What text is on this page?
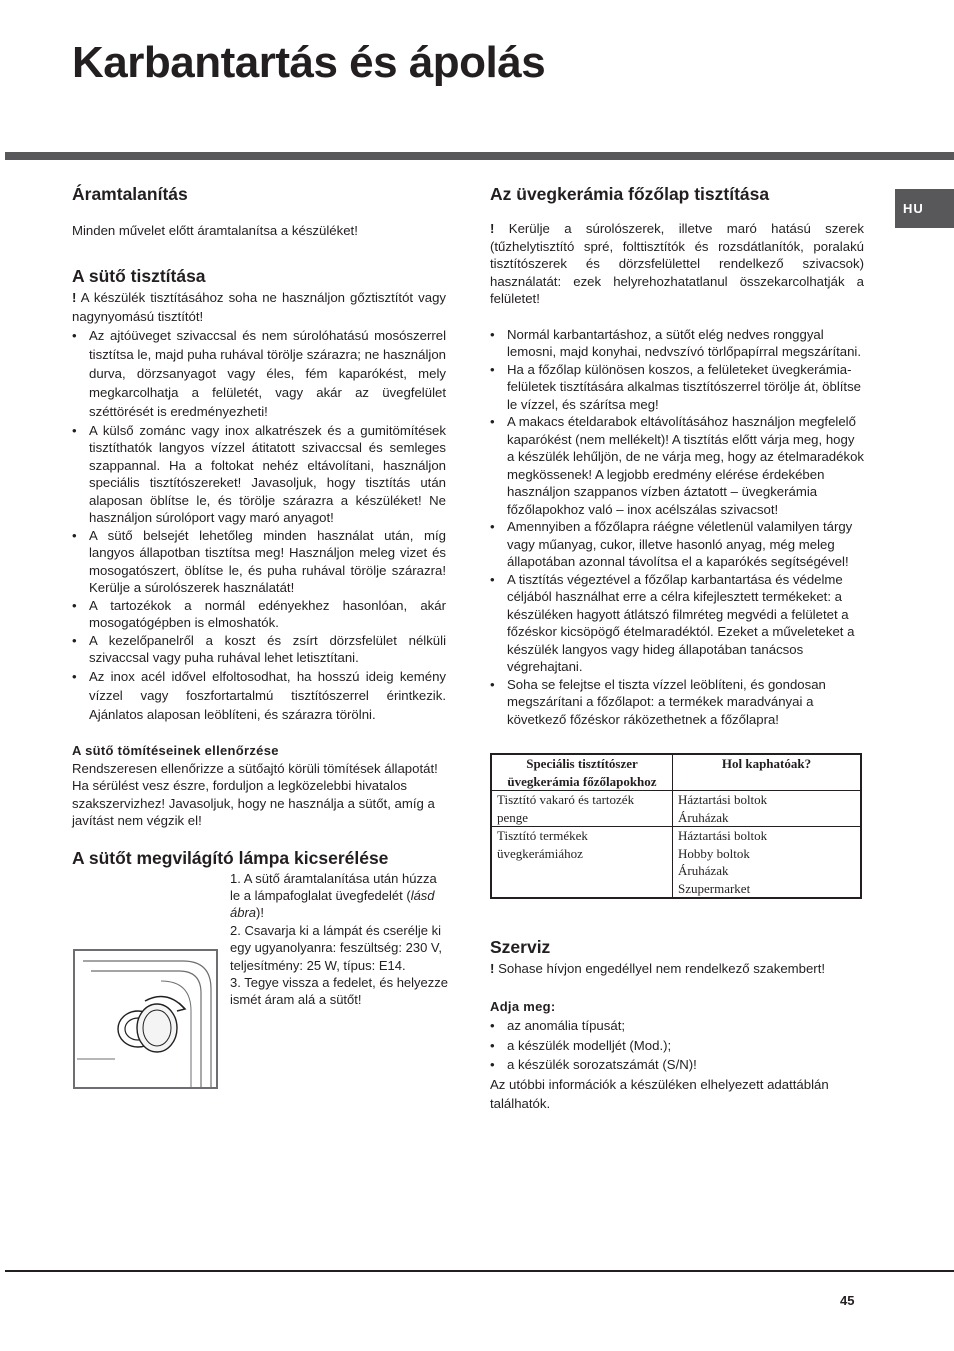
Karbantartás és ápolás
HU
Áramtalanítás

Minden művelet előtt áramtalanítsa a készüléket!

A sütő tisztítása

! A készülék tisztításához soha ne használjon gőztisztítót vagy nagynyomású tisztítót!

• Az ajtóüveget szivaccsal és nem súrolóhatású mosószerrel tisztítsa le, majd puha ruhával törölje szárazra; ne használjon durva, dörzsanyagot vagy éles, fém kaparókést, mely megkarcolhatja a felületét, vagy akár az üvegfelület széttörését is eredményezheti!
• A külső zománc vagy inox alkatrészek és a gumitömítések tisztíthatók langyos vízzel átitatott szivaccsal és semleges szappannal. Ha a foltokat nehéz eltávolítani, használjon speciális tisztítószereket! Javasoljuk, hogy tisztítás után alaposan öblítse le, és törölje szárazra a készüléket! Ne használjon súrolóport vagy maró anyagot!
• A sütő belsejét lehetőleg minden használat után, míg langyos állapotban tisztítsa meg! Használjon meleg vizet és mosogatószert, öblítse le, és puha ruhával törölje szárazra! Kerülje a súrolószerek használatát!
• A tartozékok a normál edényekhez hasonlóan, akár mosogatógépben is elmoshatók.
• A kezelőpanelről a koszt és zsírt dörzsfelület nélküli szivaccsal vagy puha ruhával lehet letisztítani.
• Az inox acél idővel elfoltosodhat, ha hosszú ideig kemény vízzel vagy foszfortartalmú tisztítószerrel érintkezik. Ajánlatos alaposan leöblíteni, és szárazra törölni.
A sütő tömítéseinek ellenőrzése

Rendszeresen ellenőrizze a sütőajtó körüli tömítések állapotát! Ha sérülést vesz észre, forduljon a legközelebbi hivatalos szakszervizhez! Javasoljuk, hogy ne használja a sütőt, amíg a javítást nem végzik el!

A sütőt megvilágító lámpa kicserélése

1. A sütő áramtalanítása után húzza le a lámpafoglalat üvegfedelét (lásd ábra)!

2. Csavarja ki a lámpát és cserélje ki egy ugyanolyanra: feszültség: 230 V, teljesítmény: 25 W, típus: E14.

3. Tegye vissza a fedelet, és helyezze ismét áram alá a sütőt!

Az üvegkerámia főzőlap tisztítása

! Kerülje a súrolószerek, illetve maró hatású szerek (tűzhelytisztító spré, folttisztítók és rozsdátlanítók, poralakú tisztítószerek és dörzsfelülettel rendelkező szivacsok) használatát: ezek helyrehozhatatlanul összekarcolhatják a felületet!

• Normál karbantartáshoz, a sütőt elég nedves ronggyal lemosni, majd konyhai, nedvszívó törlőpapírral megszárítani.
• Ha a főzőlap különösen koszos, a felületeket üvegkerámia-felületek tisztítására alkalmas tisztítószerrel törölje át, öblítse le vízzel, és szárítsa meg!
• A makacs ételdarabok eltávolításához használjon megfelelő kaparókést (nem mellékelt)! A tisztítás előtt várja meg, hogy a készülék lehűljön, de ne várja meg, hogy az ételmaradékok megkössenek! A legjobb eredmény elérése érdekében használjon szappanos vízben áztatott – üvegkerámia főzőlapokhoz való – inox acélszálas szivacsot!
• Amennyiben a főzőlapra ráégne véletlenül valamilyen tárgy vagy műanyag, cukor, illetve hasonló anyag, még meleg állapotában azonnal távolítsa el a kaparókés segítségével!
• A tisztítás végeztével a főzőlap karbantartása és védelme céljából használhat erre a célra kifejlesztett termékeket: a készüléken hagyott átlátszó filmréteg megvédi a felületet a főzéskor kicsöpögő ételmaradéktól. Ezeket a műveleteket a készülék langyos vagy hideg állapotában tanácsos végrehajtani.
• Soha se felejtse el tiszta vízzel leöblíteni, és gondosan megszárítani a főzőlapot: a termékek maradványai a következő főzéskor ráközethetnek a főzőlapra!
Speciális tisztítószer üvegkerámia főzőlapokhoz	Hol kaphatóak?
Tisztító vakaró és tartozék penge	Háztartási boltok
Áruházak

Tisztító termékek üvegkerámiához	Háztartási boltok
Hobby boltok
Áruházak
Szupermarket
Szerviz

! Sohase hívjon engedéllyel nem rendelkező szakembert!

Adja meg:
• az anomália típusát;
• a készülék modelljét (Mod.);
• a készülék sorozatszámát (S/N)!

Az utóbbi információk a készüléken elhelyezett adattáblán találhatók.

45
